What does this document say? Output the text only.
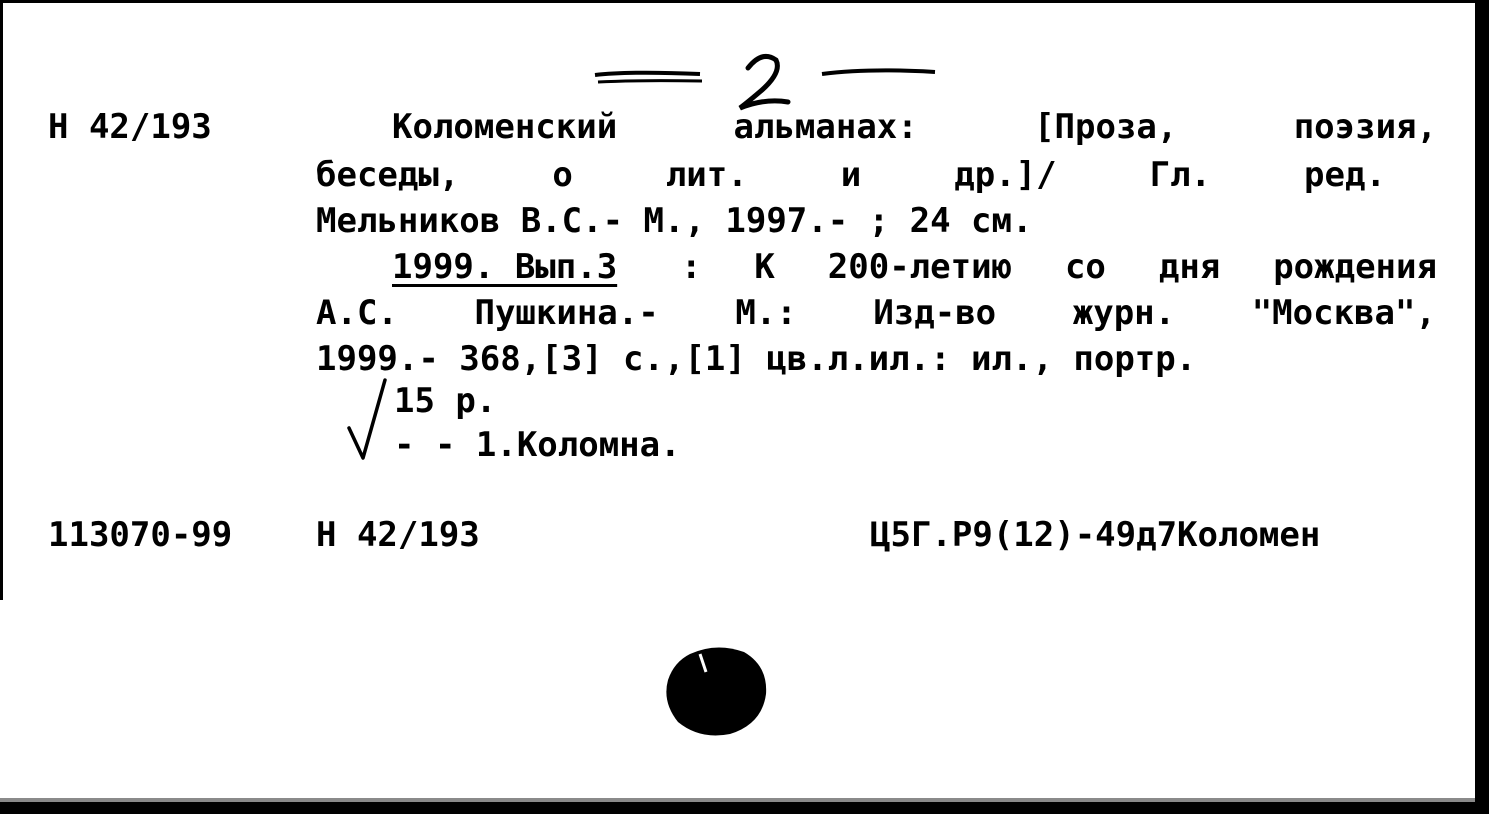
2
Н 42/193	Коломенский	альманах:	[Проза,	поэзия,
беседы,	о	лит.	и	др.]/	Гл.	ред.
Мельников В.С.- М., 1997.- ; 24 см.
1999. Вып.3 : К 200-летию со дня рождения
А.С. Пушкина.- М.: Изд-во журн. "Москва",
1999.- 368,[3] с.,[1] цв.л.ил.: ил., портр.
15 р.
- - 1.Коломна.
113070-99 Н 42/193	Ц5Г.Р9(12)-49д7Коломен
